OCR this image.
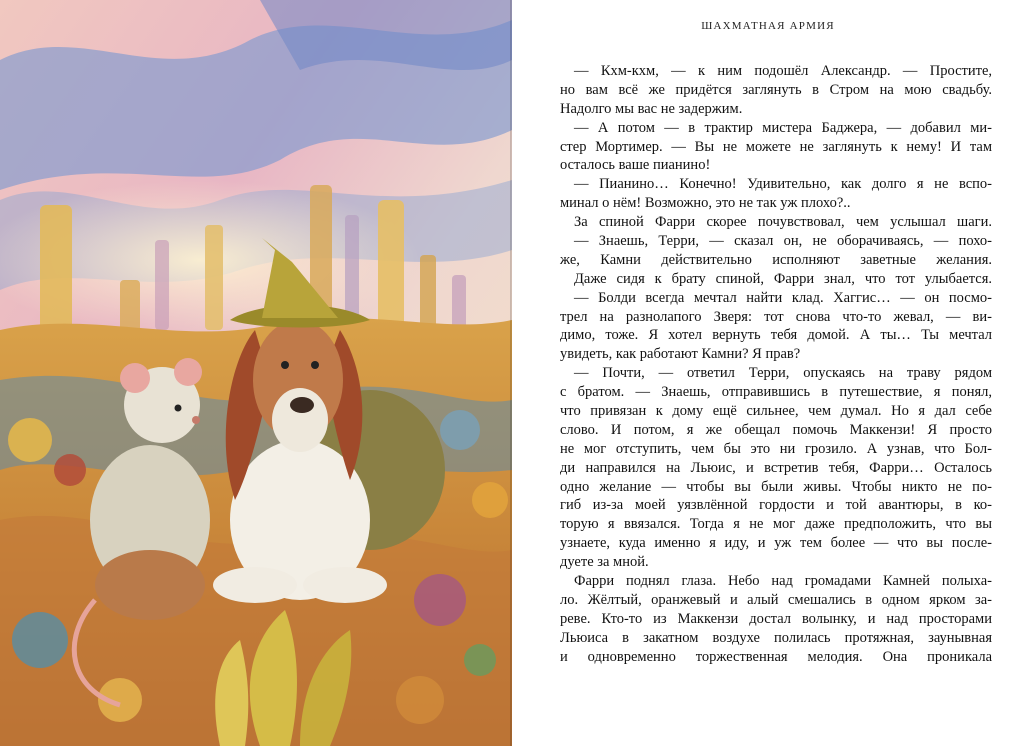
ШАХМАТНАЯ АРМИЯ
— Кхм-кхм, — к ним подошёл Александр. — Простите,
но вам всё же придётся заглянуть в Стром на мою свадьбу.
Надолго мы вас не задержим.
— А потом — в трактир мистера Баджера, — добавил ми-
стер Мортимер. — Вы не можете не заглянуть к нему! И там
осталось ваше пианино!
— Пианино… Конечно! Удивительно, как долго я не вспо-
минал о нём! Возможно, это не так уж плохо?..
За спиной Фарри скорее почувствовал, чем услышал шаги.
— Знаешь, Терри, — сказал он, не оборачиваясь, — похо-
же, Камни действительно исполняют заветные желания.
Даже сидя к брату спиной, Фарри знал, что тот улыбается.
— Болди всегда мечтал найти клад. Хаггис… — он посмо-
трел на разнолапого Зверя: тот снова что-то жевал, — ви-
димо, тоже. Я хотел вернуть тебя домой. А ты… Ты мечтал
увидеть, как работают Камни? Я прав?
— Почти, — ответил Терри, опускаясь на траву рядом
с братом. — Знаешь, отправившись в путешествие, я понял,
что привязан к дому ещё сильнее, чем думал. Но я дал себе
слово. И потом, я же обещал помочь Маккензи! Я просто
не мог отступить, чем бы это ни грозило. А узнав, что Бол-
ди направился на Льюис, и встретив тебя, Фарри… Осталось
одно желание — чтобы вы были живы. Чтобы никто не по-
гиб из-за моей уязвлённой гордости и той авантюры, в ко-
торую я ввязался. Тогда я не мог даже предположить, что вы
узнаете, куда именно я иду, и уж тем более — что вы после-
дуете за мной.
Фарри поднял глаза. Небо над громадами Камней полыха-
ло. Жёлтый, оранжевый и алый смешались в одном ярком за-
реве. Кто-то из Маккензи достал волынку, и над просторами
Льюиса в закатном воздухе полилась протяжная, заунывная
и одновременно торжественная мелодия. Она проникала
